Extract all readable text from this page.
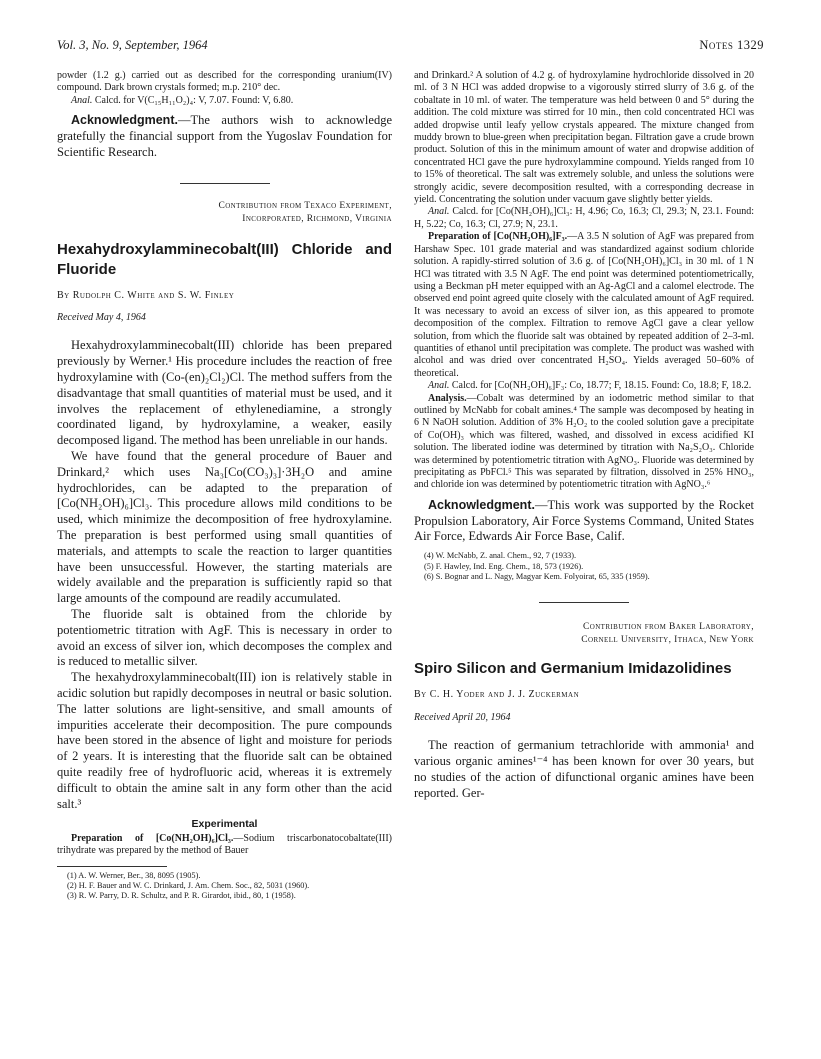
Vol. 3, No. 9, September, 1964	Notes 1329

powder (1.2 g.) carried out as described for the corresponding uranium(IV) compound. Dark brown crystals formed; m.p. 210° dec.

Anal. Calcd. for V(C₁₅H₁₁O₂)₄: V, 7.07. Found: V, 6.80.

Acknowledgment.—The authors wish to acknowledge gratefully the financial support from the Yugoslav Foundation for Scientific Research.

Contribution from Texaco Experiment,
Incorporated, Richmond, Virginia
Hexahydroxylamminecobalt(III) Chloride and Fluoride
By Rudolph C. White and S. W. Finley
Received May 4, 1964

Hexahydroxylamminecobalt(III) chloride has been prepared previously by Werner.¹ His procedure includes the reaction of free hydroxylamine with (Co-(en)₂Cl₂)Cl. The method suffers from the disadvantage that small quantities of material must be used, and it involves the replacement of ethylenediamine, a strongly coordinated ligand, by hydroxylamine, a weaker, easily decomposed ligand. The method has been unreliable in our hands.

We have found that the general procedure of Bauer and Drinkard,² which uses Na₃[Co(CO₃)₃]·3H₂O and amine hydrochlorides, can be adapted to the preparation of [Co(NH₂OH)₆]Cl₃. This procedure allows mild conditions to be used, which minimize the decomposition of free hydroxylamine. The preparation is best performed using small quantities of materials, and attempts to scale the reaction to larger quantities have been unsuccessful. However, the starting materials are widely available and the preparation is sufficiently rapid so that large amounts of the compound are readily accumulated.

The fluoride salt is obtained from the chloride by potentiometric titration with AgF. This is necessary in order to avoid an excess of silver ion, which decomposes the complex and is reduced to metallic silver.

The hexahydroxylamminecobalt(III) ion is relatively stable in acidic solution but rapidly decomposes in neutral or basic solution. The latter solutions are light-sensitive, and small amounts of impurities accelerate their decomposition. The pure compounds have been stored in the absence of light and moisture for periods of 2 years. It is interesting that the fluoride salt can be obtained quite readily free of hydrofluoric acid, whereas it is extremely difficult to obtain the amine salt in any form other than the acid salt.³

Experimental

Preparation of [Co(NH₂OH)₆]Cl₃.—Sodium triscarbonatocobaltate(III) trihydrate was prepared by the method of Bauer

(1) A. W. Werner, Ber., 38, 8095 (1905).
(2) H. F. Bauer and W. C. Drinkard, J. Am. Chem. Soc., 82, 5031 (1960).
(3) R. W. Parry, D. R. Schultz, and P. R. Girardot, ibid., 80, 1 (1958).

and Drinkard.² A solution of 4.2 g. of hydroxylamine hydrochloride dissolved in 20 ml. of 3 N HCl was added dropwise to a vigorously stirred slurry of 3.6 g. of the cobaltate in 10 ml. of water. The temperature was held between 0 and 5° during the addition. The cold mixture was stirred for 10 min., then cold concentrated HCl was added dropwise until leafy yellow crystals appeared. The mixture changed from muddy brown to blue-green when precipitation began. Filtration gave a crude brown product. Solution of this in the minimum amount of water and dropwise addition of concentrated HCl gave the pure hydroxylammine compound. Yields ranged from 10 to 15% of theoretical. The salt was extremely soluble, and unless the solutions were strongly acidic, severe decomposition resulted, with a corresponding decrease in yield. Concentrating the solution under vacuum gave slightly better yields.

Anal. Calcd. for [Co(NH₂OH)₆]Cl₃: H, 4.96; Co, 16.3; Cl, 29.3; N, 23.1. Found: H, 5.22; Co, 16.3; Cl, 27.9; N, 23.1.

Preparation of [Co(NH₂OH)₆]F₃.—A 3.5 N solution of AgF was prepared from Harshaw Spec. 101 grade material and was standardized against sodium chloride solution. A rapidly-stirred solution of 3.6 g. of [Co(NH₂OH)₆]Cl₃ in 30 ml. of 1 N HCl was titrated with 3.5 N AgF. The end point was determined potentiometrically, using a Beckman pH meter equipped with an Ag-AgCl and a calomel electrode. The observed end point agreed quite closely with the calculated amount of AgF required. It was necessary to avoid an excess of silver ion, as this appeared to promote decomposition of the complex. Filtration to remove AgCl gave a clear yellow solution, from which the fluoride salt was obtained by repeated addition of 2–3-ml. quantities of ethanol until precipitation was complete. The product was washed with alcohol and was dried over concentrated H₂SO₄. Yields averaged 50–60% of theoretical.

Anal. Calcd. for [Co(NH₂OH)₆]F₃: Co, 18.77; F, 18.15. Found: Co, 18.8; F, 18.2.

Analysis.—Cobalt was determined by an iodometric method similar to that outlined by McNabb for cobalt amines.⁴ The sample was decomposed by heating in 6 N NaOH solution. Addition of 3% H₂O₂ to the cooled solution gave a precipitate of Co(OH)₃ which was filtered, washed, and dissolved in excess acidified KI solution. The liberated iodine was determined by titration with Na₂S₂O₃. Chloride was determined by potentiometric titration with AgNO₃. Fluoride was determined by precipitating as PbFCl.⁵ This was separated by filtration, dissolved in 25% HNO₃, and chloride ion was determined by potentiometric titration with AgNO₃.⁶

Acknowledgment.—This work was supported by the Rocket Propulsion Laboratory, Air Force Systems Command, United States Air Force, Edwards Air Force Base, Calif.

(4) W. McNabb, Z. anal. Chem., 92, 7 (1933).
(5) F. Hawley, Ind. Eng. Chem., 18, 573 (1926).
(6) S. Bognar and L. Nagy, Magyar Kem. Folyoirat, 65, 335 (1959).
Contribution from Baker Laboratory,
Cornell University, Ithaca, New York
Spiro Silicon and Germanium Imidazolidines
By C. H. Yoder and J. J. Zuckerman
Received April 20, 1964

The reaction of germanium tetrachloride with ammonia¹ and various organic amines¹⁻⁴ has been known for over 30 years, but no studies of the action of difunctional organic amines have been reported. Ger-
